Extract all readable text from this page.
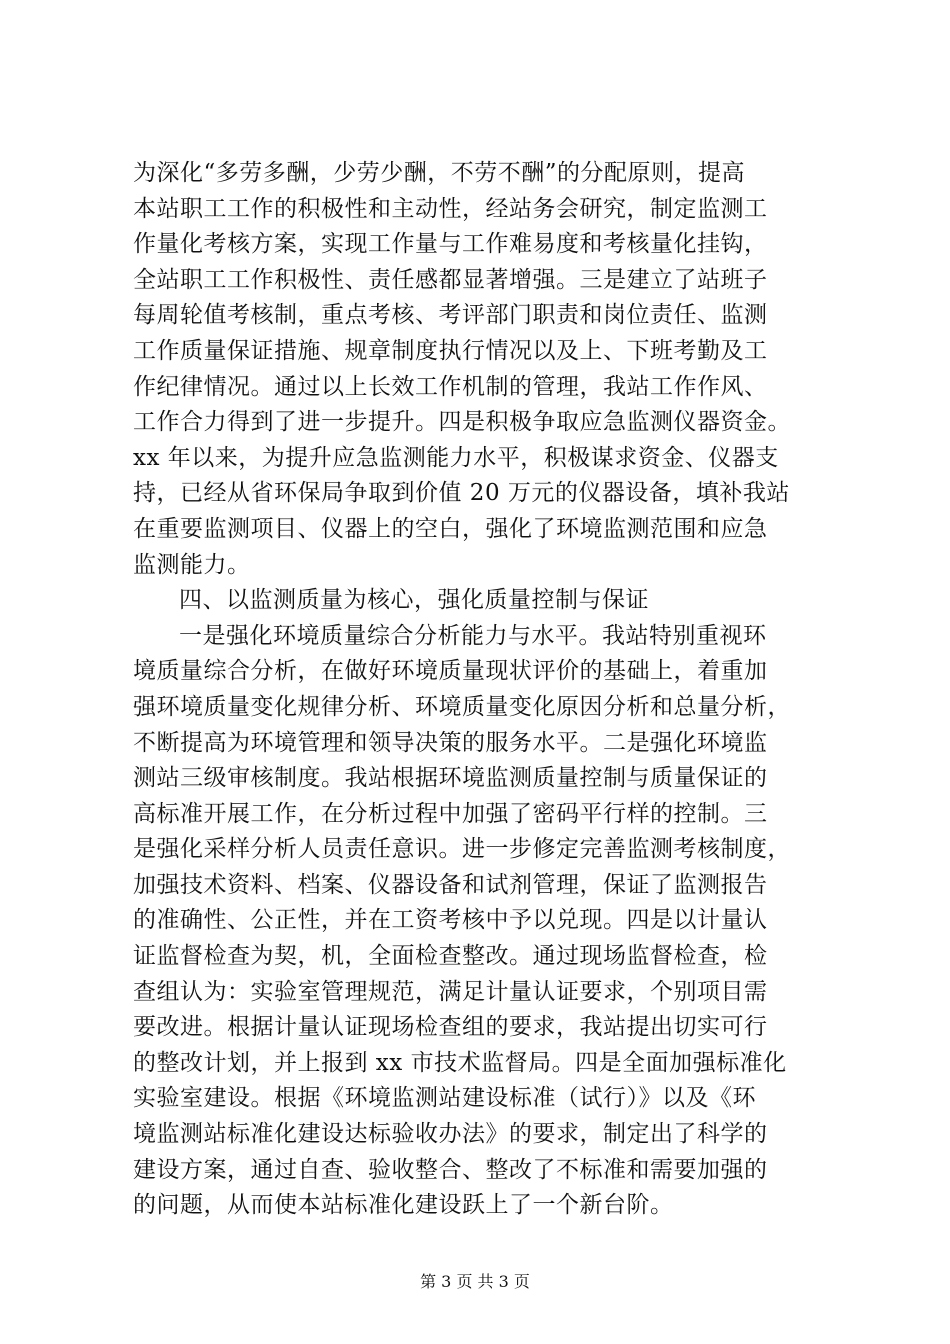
为深化“多劳多酬，少劳少酬，不劳不酬”的分配原则，提高
本站职工工作的积极性和主动性，经站务会研究，制定监测工
作量化考核方案，实现工作量与工作难易度和考核量化挂钩，
全站职工工作积极性、责任感都显著增强。三是建立了站班子
每周轮值考核制，重点考核、考评部门职责和岗位责任、监测
工作质量保证措施、规章制度执行情况以及上、下班考勤及工
作纪律情况。通过以上长效工作机制的管理，我站工作作风、
工作合力得到了进一步提升。四是积极争取应急监测仪器资金。
xx 年以来，为提升应急监测能力水平，积极谋求资金、仪器支
持，已经从省环保局争取到价值 20 万元的仪器设备，填补我站
在重要监测项目、仪器上的空白，强化了环境监测范围和应急
监测能力。
四、以监测质量为核心，强化质量控制与保证
一是强化环境质量综合分析能力与水平。我站特别重视环
境质量综合分析，在做好环境质量现状评价的基础上，着重加
强环境质量变化规律分析、环境质量变化原因分析和总量分析，
不断提高为环境管理和领导决策的服务水平。二是强化环境监
测站三级审核制度。我站根据环境监测质量控制与质量保证的
高标准开展工作，在分析过程中加强了密码平行样的控制。三
是强化采样分析人员责任意识。进一步修定完善监测考核制度，
加强技术资料、档案、仪器设备和试剂管理，保证了监测报告
的准确性、公正性，并在工资考核中予以兑现。四是以计量认
证监督检查为契，机，全面检查整改。通过现场监督检查，检
查组认为：实验室管理规范，满足计量认证要求，个别项目需
要改进。根据计量认证现场检查组的要求，我站提出切实可行
的整改计划，并上报到 xx 市技术监督局。四是全面加强标准化
实验室建设。根据《环境监测站建设标准（试行）》以及《环
境监测站标准化建设达标验收办法》的要求，制定出了科学的
建设方案，通过自查、验收整合、整改了不标准和需要加强的
的问题，从而使本站标准化建设跃上了一个新台阶。
第 3 页 共 3 页
